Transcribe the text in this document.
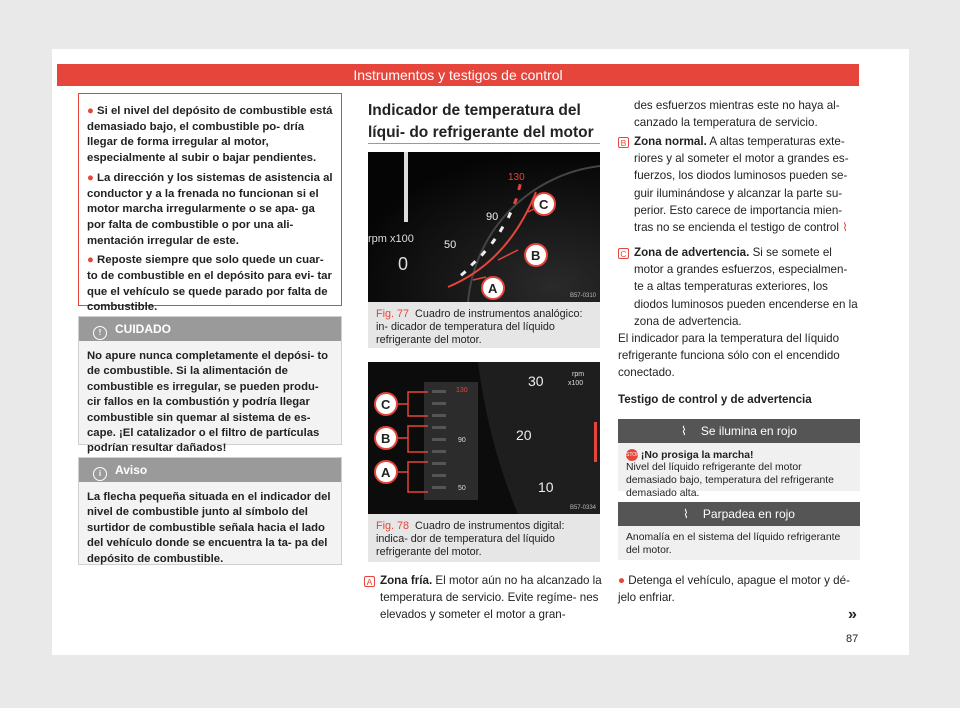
Instrumentos y testigos de control

● Si el nivel del depósito de combustible está demasiado bajo, el combustible po- dría llegar de forma irregular al motor, especialmente al subir o bajar pendientes.

● La dirección y los sistemas de asistencia al conductor y a la frenada no funcionan si el motor marcha irregularmente o se apa- ga por falta de combustible o por una ali- mentación irregular de este.

● Reposte siempre que solo quede un cuar- to de combustible en el depósito para evi- tar que el vehículo se quede parado por falta de combustible.

! CUIDADO
No apure nunca completamente el depósi- to de combustible. Si la alimentación de combustible es irregular, se pueden produ- cir fallos en la combustión y podría llegar combustible sin quemar al sistema de es- cape. ¡El catalizador o el filtro de partículas podrían resultar dañados!
i Aviso
La flecha pequeña situada en el indicador del nivel de combustible junto al símbolo del surtidor de combustible señala hacia el lado del vehículo donde se encuentra la ta- pa del depósito de combustible.
Indicador de temperatura del líqui- do refrigerante del motor
rpm x100
130
90
50
0
C
B
A	B57-0310
Fig. 77 Cuadro de instrumentos analógico: in- dicador de temperatura del líquido refrigerante del motor.
130
90
50
30
20
10
rpm
x100
C
B
A
B57-0334
Fig. 78 Cuadro de instrumentos digital: indica- dor de temperatura del líquido refrigerante del motor.
A Zona fría. El motor aún no ha alcanzado la temperatura de servicio. Evite regíme- nes elevados y someter el motor a gran-
des esfuerzos mientras este no haya al- canzado la temperatura de servicio.
B Zona normal. A altas temperaturas exte- riores y al someter el motor a grandes es- fuerzos, los diodos luminosos pueden se- guir iluminándose y alcanzar la parte su- perior. Esto carece de importancia mien- tras no se encienda el testigo de control ⌇
C Zona de advertencia. Si se somete el motor a grandes esfuerzos, especialmen- te a altas temperaturas exteriores, los diodos luminosos pueden encenderse en la zona de advertencia.
El indicador para la temperatura del líquido refrigerante funciona sólo con el encendido conectado.
Testigo de control y de advertencia
⌇ Se ilumina en rojo
STOP ¡No prosiga la marcha!
Nivel del líquido refrigerante del motor demasiado bajo, temperatura del refrigerante demasiado alta.
⌇ Parpadea en rojo
Anomalía en el sistema del líquido refrigerante del motor.
● Detenga el vehículo, apague el motor y dé- jelo enfriar.
»
87
